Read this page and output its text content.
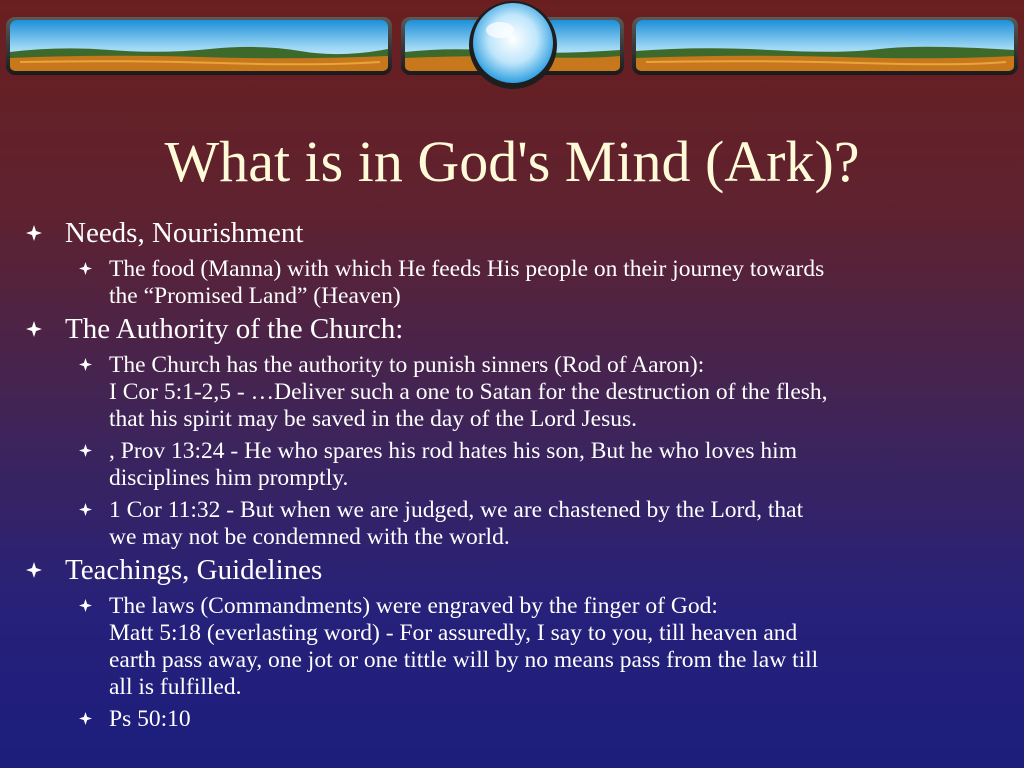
What is in God's Mind (Ark)?
Needs, Nourishment
The food (Manna) with which He feeds His people on their journey towards
the “Promised Land” (Heaven)
The Authority of the Church:
The Church has the authority to punish sinners (Rod of Aaron):
I Cor 5:1-2,5 - …Deliver such a one to Satan for the destruction of the flesh,
that his spirit may be saved in the day of the Lord Jesus.
, Prov 13:24 - He who spares his rod hates his son, But he who loves him
disciplines him promptly.
1 Cor 11:32 - But when we are judged, we are chastened by the Lord, that
we may not be condemned with the world.
Teachings, Guidelines
The laws (Commandments) were engraved by the finger of God:
Matt 5:18 (everlasting word) - For assuredly, I say to you, till heaven and
earth pass away, one jot or one tittle will by no means pass from the law till
all is fulfilled.
Ps 50:10
